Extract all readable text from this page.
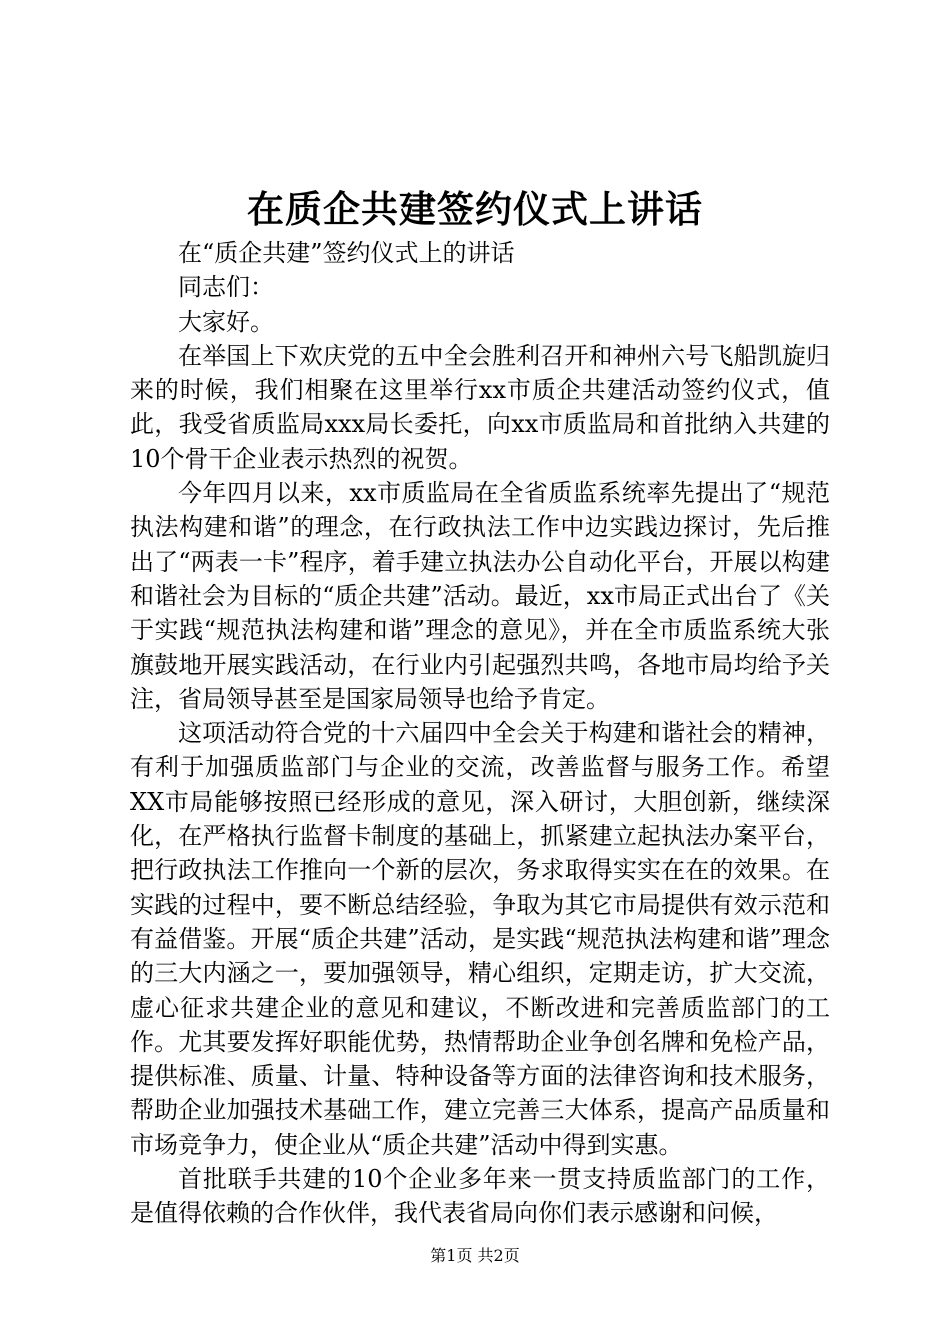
在质企共建签约仪式上讲话

在“质企共建”签约仪式上的讲话

同志们：

大家好。

在举国上下欢庆党的五中全会胜利召开和神州六号飞船凯旋归来的时候，我们相聚在这里举行xx市质企共建活动签约仪式，值此，我受省质监局xxx局长委托，向xx市质监局和首批纳入共建的10个骨干企业表示热烈的祝贺。

今年四月以来，xx市质监局在全省质监系统率先提出了“规范执法构建和谐”的理念，在行政执法工作中边实践边探讨，先后推出了“两表一卡”程序，着手建立执法办公自动化平台，开展以构建和谐社会为目标的“质企共建”活动。最近，xx市局正式出台了《关于实践“规范执法构建和谐”理念的意见》，并在全市质监系统大张旗鼓地开展实践活动，在行业内引起强烈共鸣，各地市局均给予关注，省局领导甚至是国家局领导也给予肯定。

这项活动符合党的十六届四中全会关于构建和谐社会的精神，有利于加强质监部门与企业的交流，改善监督与服务工作。希望XX市局能够按照已经形成的意见，深入研讨，大胆创新，继续深化，在严格执行监督卡制度的基础上，抓紧建立起执法办案平台，把行政执法工作推向一个新的层次，务求取得实实在在的效果。在实践的过程中，要不断总结经验，争取为其它市局提供有效示范和有益借鉴。开展“质企共建”活动，是实践“规范执法构建和谐”理念的三大内涵之一，要加强领导，精心组织，定期走访，扩大交流，虚心征求共建企业的意见和建议，不断改进和完善质监部门的工作。尤其要发挥好职能优势，热情帮助企业争创名牌和免检产品，提供标准、质量、计量、特种设备等方面的法律咨询和技术服务，帮助企业加强技术基础工作，建立完善三大体系，提高产品质量和市场竞争力，使企业从“质企共建”活动中得到实惠。

首批联手共建的10个企业多年来一贯支持质监部门的工作，是值得依赖的合作伙伴，我代表省局向你们表示感谢和问候，

第1页 共2页
